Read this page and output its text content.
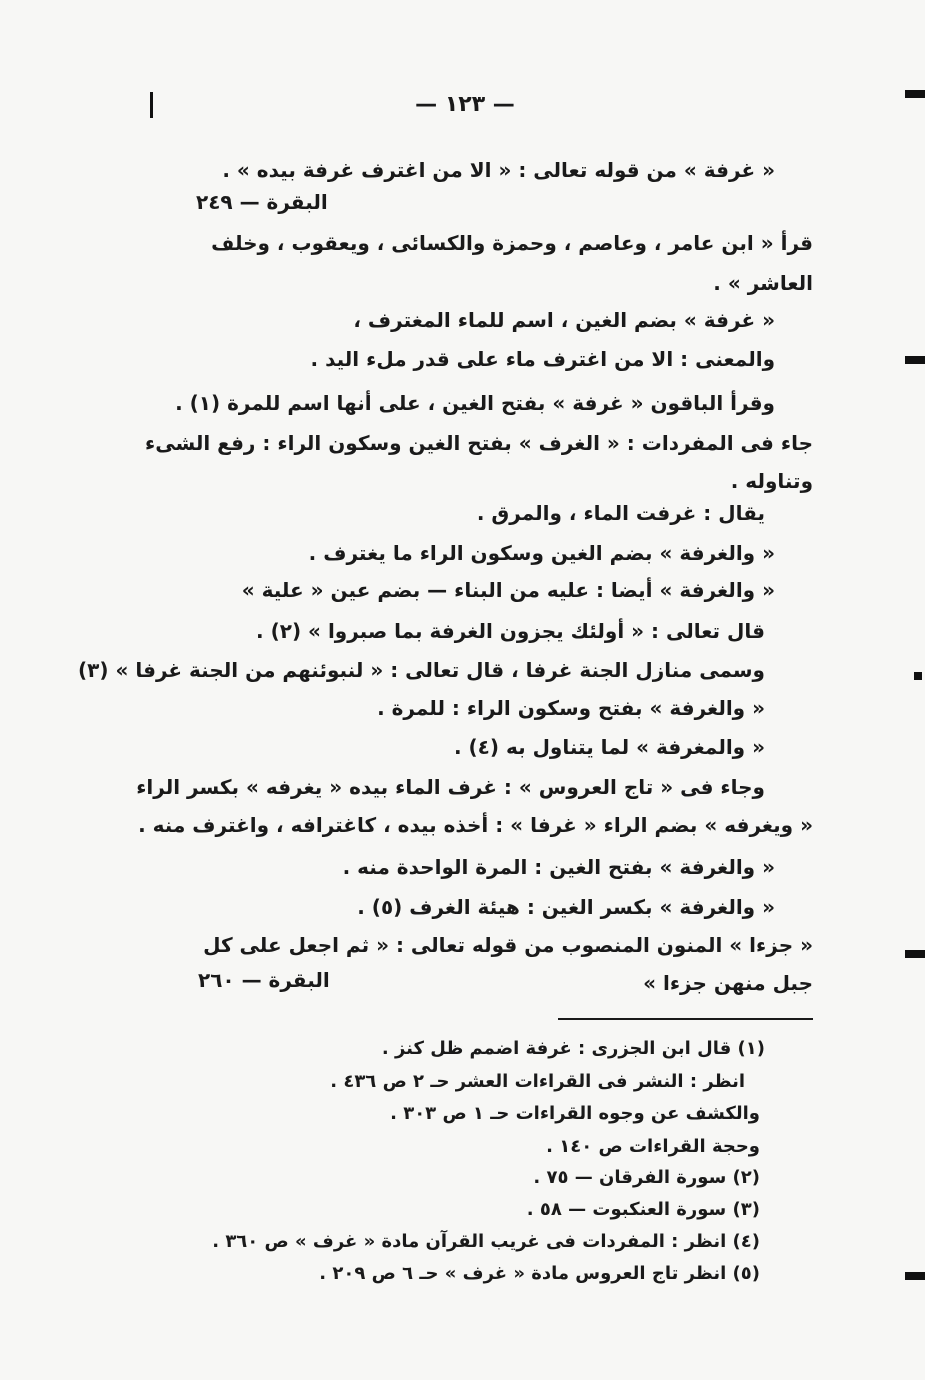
— ١٢٣ —
« غرفة » من قوله تعالى : « الا من اغترف غرفة بيده » .
البقرة — ٢٤٩
قرأ « ابن عامر ، وعاصم ، وحمزة والكسائى ، ويعقوب ، وخلف
العاشر » .
« غرفة » بضم الغين ، اسم للماء المغترف ،
والمعنى : الا من اغترف ماء على قدر ملء اليد .
وقرأ الباقون « غرفة » بفتح الغين ، على أنها اسم للمرة (١) .
جاء فى المفردات : « الغرف » بفتح الغين وسكون الراء : رفع الشىء
وتناوله .
يقال : غرفت الماء ، والمرق .
« والغرفة » بضم الغين وسكون الراء ما يغترف .
« والغرفة » أيضا : عليه من البناء — بضم عين « علية »
قال تعالى : « أولئك يجزون الغرفة بما صبروا » (٢) .
وسمى منازل الجنة غرفا ، قال تعالى : « لنبوئنهم من الجنة غرفا » (٣)
« والغرفة » بفتح وسكون الراء : للمرة .
« والمغرفة » لما يتناول به (٤) .
وجاء فى « تاج العروس » : غرف الماء بيده « يغرفه » بكسر الراء
« ويغرفه » بضم الراء « غرفا » : أخذه بيده ، كاغترافه ، واغترف منه .
« والغرفة » بفتح الغين : المرة الواحدة منه .
« والغرفة » بكسر الغين : هيئة الغرف (٥) .
« جزءا » المنون المنصوب من قوله تعالى : « ثم اجعل على كل
جبل منهن جزءا »
البقرة — ٢٦٠
(١) قال ابن الجزرى : غرفة اضمم ظل كنز .
انظر : النشر فى القراءات العشر حـ ٢ ص ٤٣٦ .
والكشف عن وجوه القراءات حـ ١ ص ٣٠٣ .
وحجة القراءات ص ١٤٠ .
(٢) سورة الفرقان — ٧٥ .
(٣) سورة العنكبوت — ٥٨ .
(٤) انظر : المفردات فى غريب القرآن مادة « غرف » ص ٣٦٠ .
(٥) انظر تاج العروس مادة « غرف » حـ ٦ ص ٢٠٩ .
